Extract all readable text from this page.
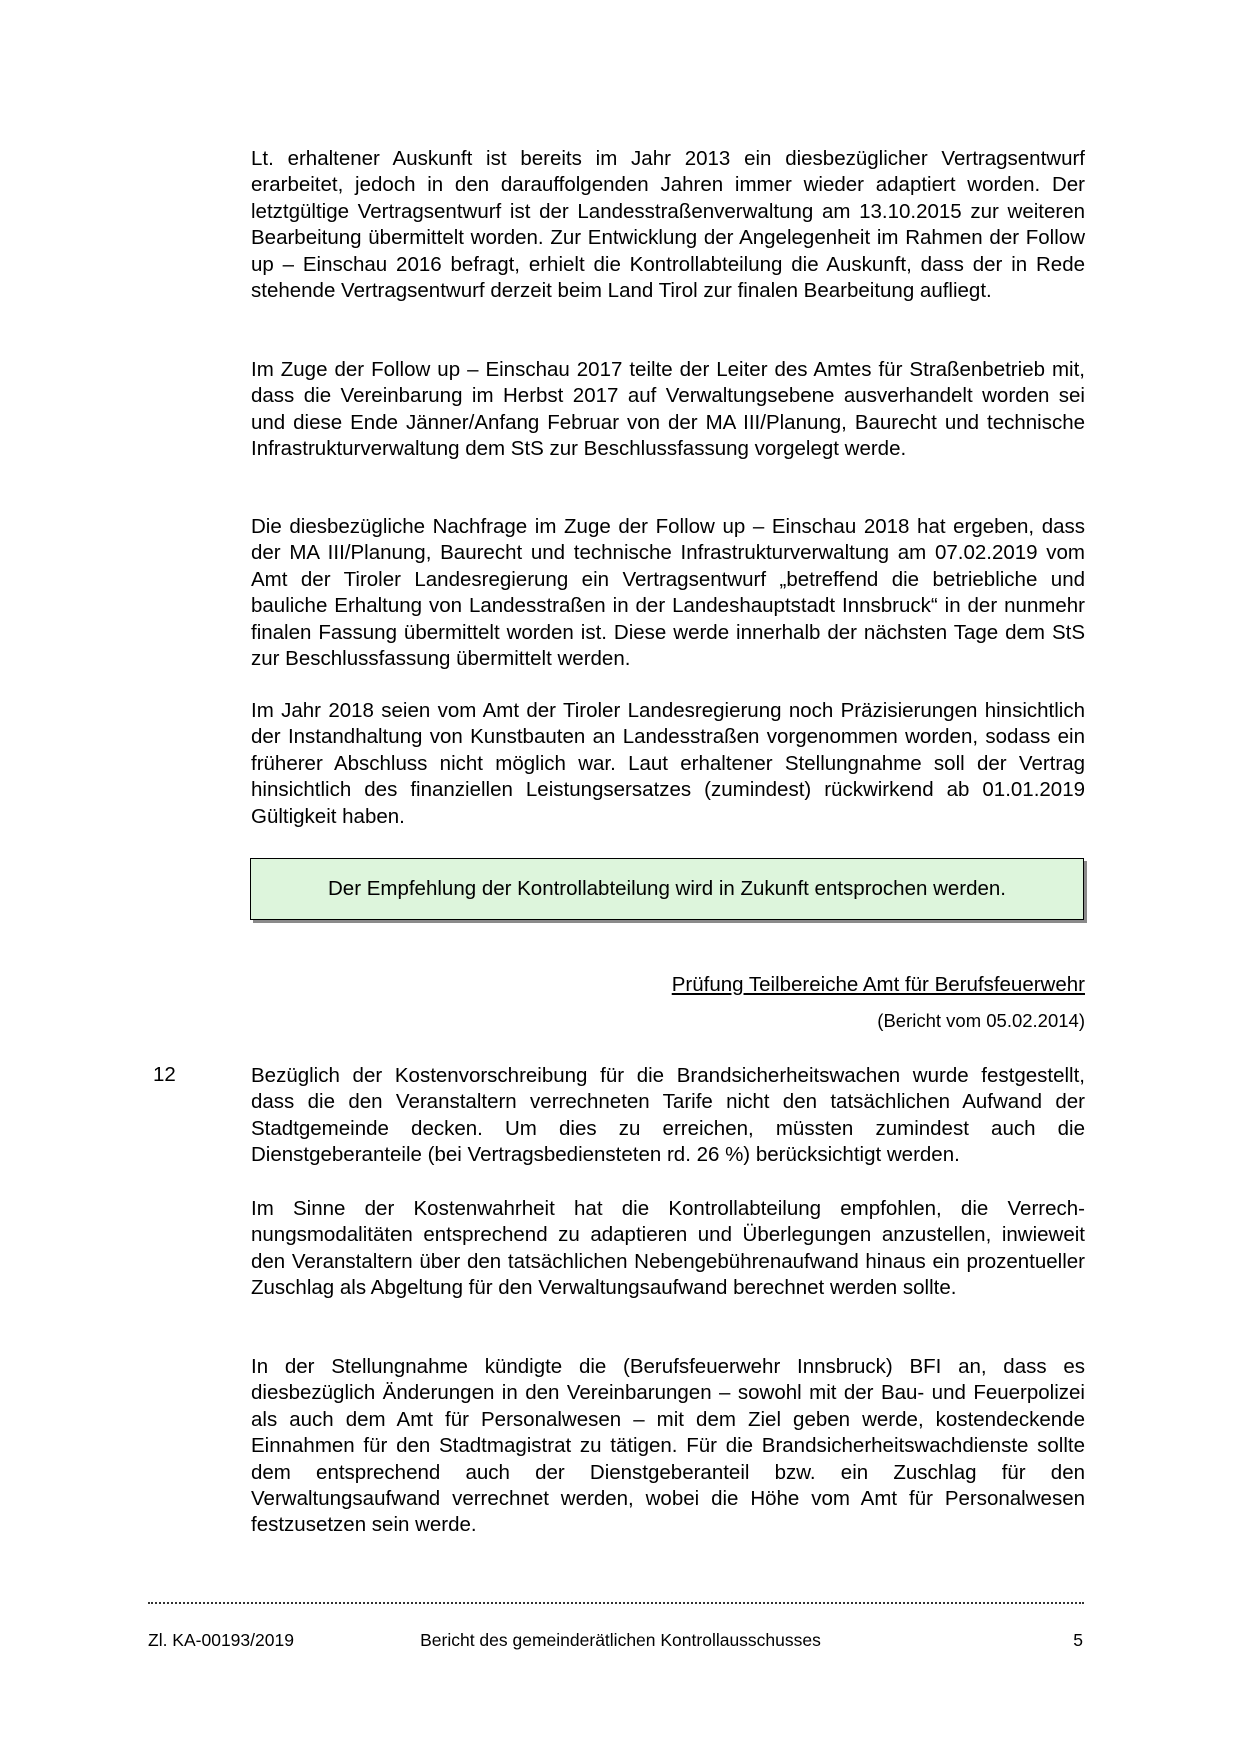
Lt. erhaltener Auskunft ist bereits im Jahr 2013 ein diesbezüglicher Vertragsentwurf erarbeitet, jedoch in den darauffolgenden Jahren immer wieder adaptiert worden. Der letztgültige Vertragsentwurf ist der Landesstraßenverwaltung am 13.10.2015 zur weiteren Bearbeitung übermittelt worden. Zur Entwicklung der Angelegenheit im Rahmen der Follow up – Einschau 2016 befragt, erhielt die Kontrollabteilung die Auskunft, dass der in Rede stehende Vertragsentwurf derzeit beim Land Tirol zur finalen Bearbeitung aufliegt.

Im Zuge der Follow up – Einschau 2017 teilte der Leiter des Amtes für Straßenbetrieb mit, dass die Vereinbarung im Herbst 2017 auf Verwaltungsebene ausverhandelt worden sei und diese Ende Jänner/Anfang Februar von der MA III/Planung, Baurecht und technische Infrastrukturverwaltung dem StS zur Beschlussfassung vorgelegt werde.

Die diesbezügliche Nachfrage im Zuge der Follow up – Einschau 2018 hat ergeben, dass der MA III/Planung, Baurecht und technische Infrastrukturverwaltung am 07.02.2019 vom Amt der Tiroler Landesregierung ein Vertragsentwurf „betreffend die betriebliche und bauliche Erhaltung von Landesstraßen in der Landeshauptstadt Innsbruck“ in der nunmehr finalen Fassung übermittelt worden ist. Diese werde innerhalb der nächsten Tage dem StS zur Beschlussfassung übermittelt werden.

Im Jahr 2018 seien vom Amt der Tiroler Landesregierung noch Präzisierungen hinsichtlich der Instandhaltung von Kunstbauten an Landesstraßen vorgenommen worden, sodass ein früherer Abschluss nicht möglich war. Laut erhaltener Stellungnahme soll der Vertrag hinsichtlich des finanziellen Leistungsersatzes (zumindest) rückwirkend ab 01.01.2019 Gültigkeit haben.

Der Empfehlung der Kontrollabteilung wird in Zukunft entsprochen werden.
Prüfung Teilbereiche Amt für Berufsfeuerwehr
(Bericht vom 05.02.2014)
12	Bezüglich der Kostenvorschreibung für die Brandsicherheitswachen wurde festgestellt, dass die den Veranstaltern verrechneten Tarife nicht den tatsächlichen Aufwand der Stadtgemeinde decken. Um dies zu erreichen, müssten zumindest auch die Dienstgeberanteile (bei Vertragsbediensteten rd. 26 %) berücksichtigt werden.

Im Sinne der Kostenwahrheit hat die Kontrollabteilung empfohlen, die Verrechnungsmodalitäten entsprechend zu adaptieren und Überlegungen anzustellen, inwieweit den Veranstaltern über den tatsächlichen Nebengebührenaufwand hinaus ein prozentueller Zuschlag als Abgeltung für den Verwaltungsaufwand berechnet werden sollte.

In der Stellungnahme kündigte die (Berufsfeuerwehr Innsbruck) BFI an, dass es diesbezüglich Änderungen in den Vereinbarungen – sowohl mit der Bau- und Feuerpolizei als auch dem Amt für Personalwesen – mit dem Ziel geben werde, kostendeckende Einnahmen für den Stadtmagistrat zu tätigen. Für die Brandsicherheitswachdienste sollte dem entsprechend auch der Dienstgeberanteil bzw. ein Zuschlag für den Verwaltungsaufwand verrechnet werden, wobei die Höhe vom Amt für Personalwesen festzusetzen sein werde.

Zl. KA-00193/2019	Bericht des gemeinderätlichen Kontrollausschusses	5
